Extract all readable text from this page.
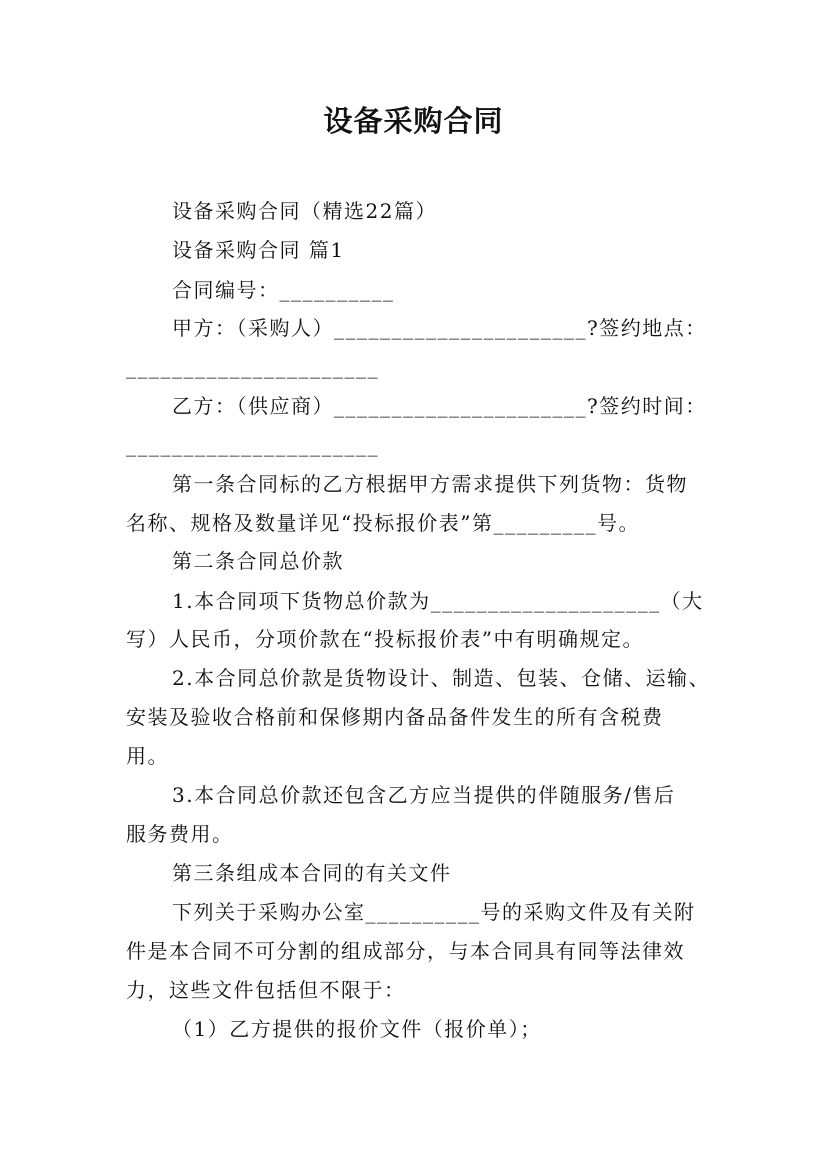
设备采购合同
设备采购合同（精选22篇）
设备采购合同 篇1
合同编号：__________
甲方：（采购人）______________________?签约地点：
______________________
乙方：（供应商）______________________?签约时间：
______________________
第一条合同标的乙方根据甲方需求提供下列货物：货物
名称、规格及数量详见“投标报价表”第_________号。
第二条合同总价款
1.本合同项下货物总价款为____________________（大
写）人民币，分项价款在“投标报价表”中有明确规定。
2.本合同总价款是货物设计、制造、包装、仓储、运输、
安装及验收合格前和保修期内备品备件发生的所有含税费
用。
3.本合同总价款还包含乙方应当提供的伴随服务/售后
服务费用。
第三条组成本合同的有关文件
下列关于采购办公室__________号的采购文件及有关附
件是本合同不可分割的组成部分，与本合同具有同等法律效
力，这些文件包括但不限于：
（1）乙方提供的报价文件（报价单）；
